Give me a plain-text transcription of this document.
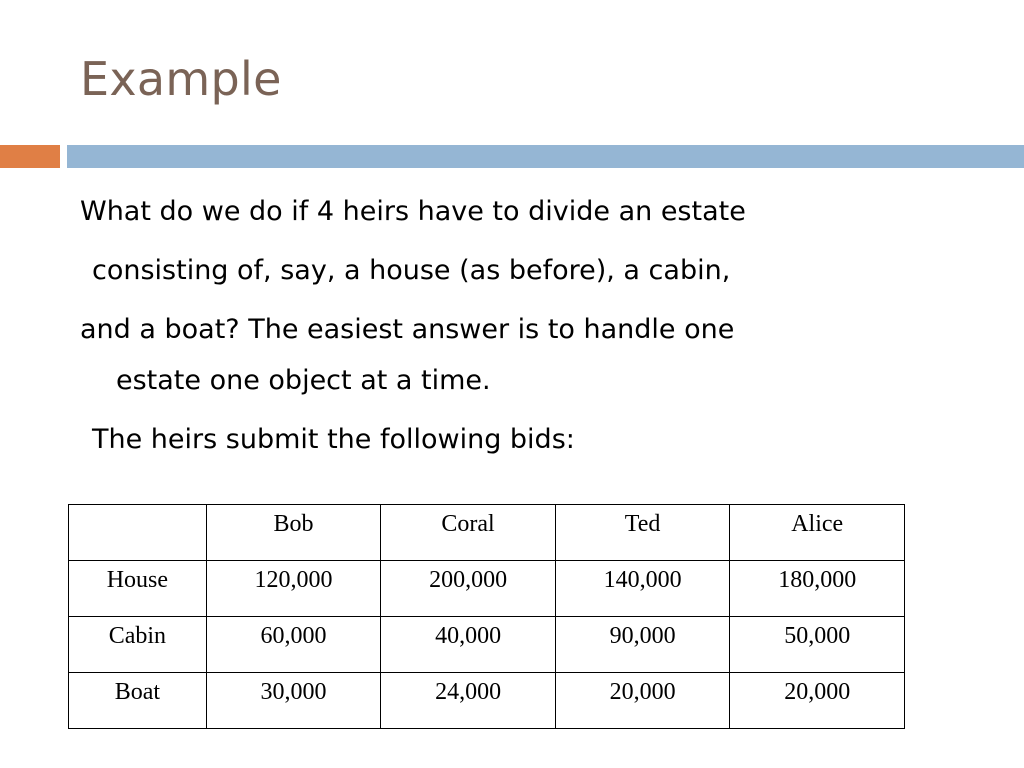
Example
What do we do if 4 heirs have to divide an estate
consisting of, say, a house (as before), a cabin,
and a boat? The easiest answer is to handle one
estate one object at a time.
The heirs submit the following bids:
	Bob	Coral	Ted	Alice
House	120,000	200,000	140,000	180,000
Cabin	60,000	40,000	90,000	50,000
Boat	30,000	24,000	20,000	20,000
